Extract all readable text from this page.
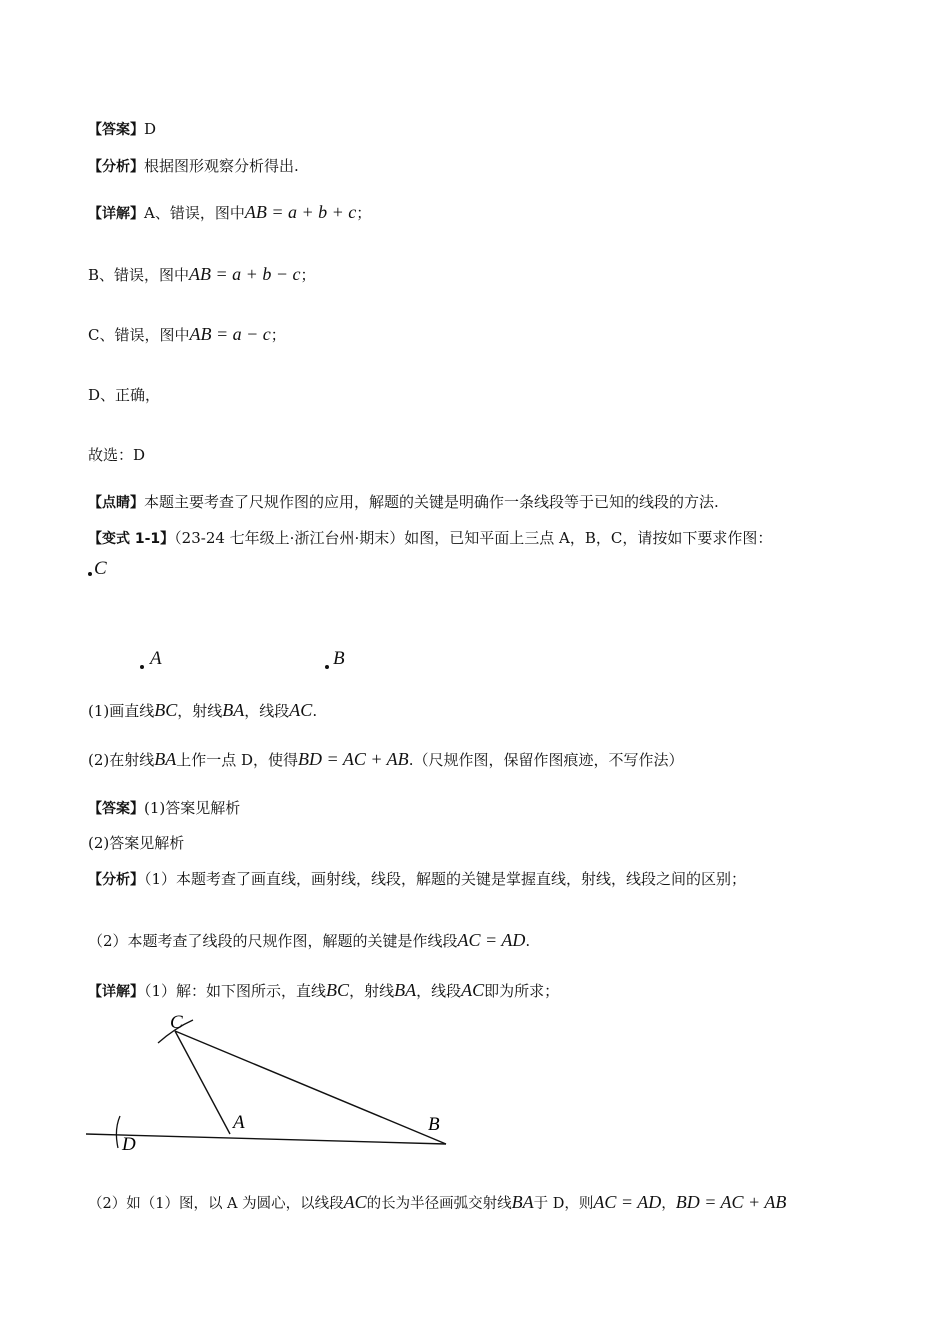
【答案】D
【分析】根据图形观察分析得出.
【详解】A、错误，图中AB = a + b + c；
B、错误，图中AB = a + b − c；
C、错误，图中AB = a − c；
D、正确，
故选：D
【点睛】本题主要考查了尺规作图的应用，解题的关键是明确作一条线段等于已知的线段的方法.
【变式 1-1】（23-24 七年级上·浙江台州·期末）如图，已知平面上三点 A，B，C，请按如下要求作图：
C
A	B
(1)画直线BC，射线BA，线段AC.
(2)在射线BA上作一点 D，使得BD = AC + AB.（尺规作图，保留作图痕迹，不写作法）
【答案】(1)答案见解析
(2)答案见解析
【分析】（1）本题考查了画直线，画射线，线段，解题的关键是掌握直线，射线，线段之间的区别；
（2）本题考查了线段的尺规作图，解题的关键是作线段AC = AD.
【详解】（1）解：如下图所示，直线BC，射线BA，线段AC即为所求；
C
A	B
D
（2）如（1）图，以 A 为圆心，以线段AC的长为半径画弧交射线BA于 D，则AC = AD，BD = AC + AB
